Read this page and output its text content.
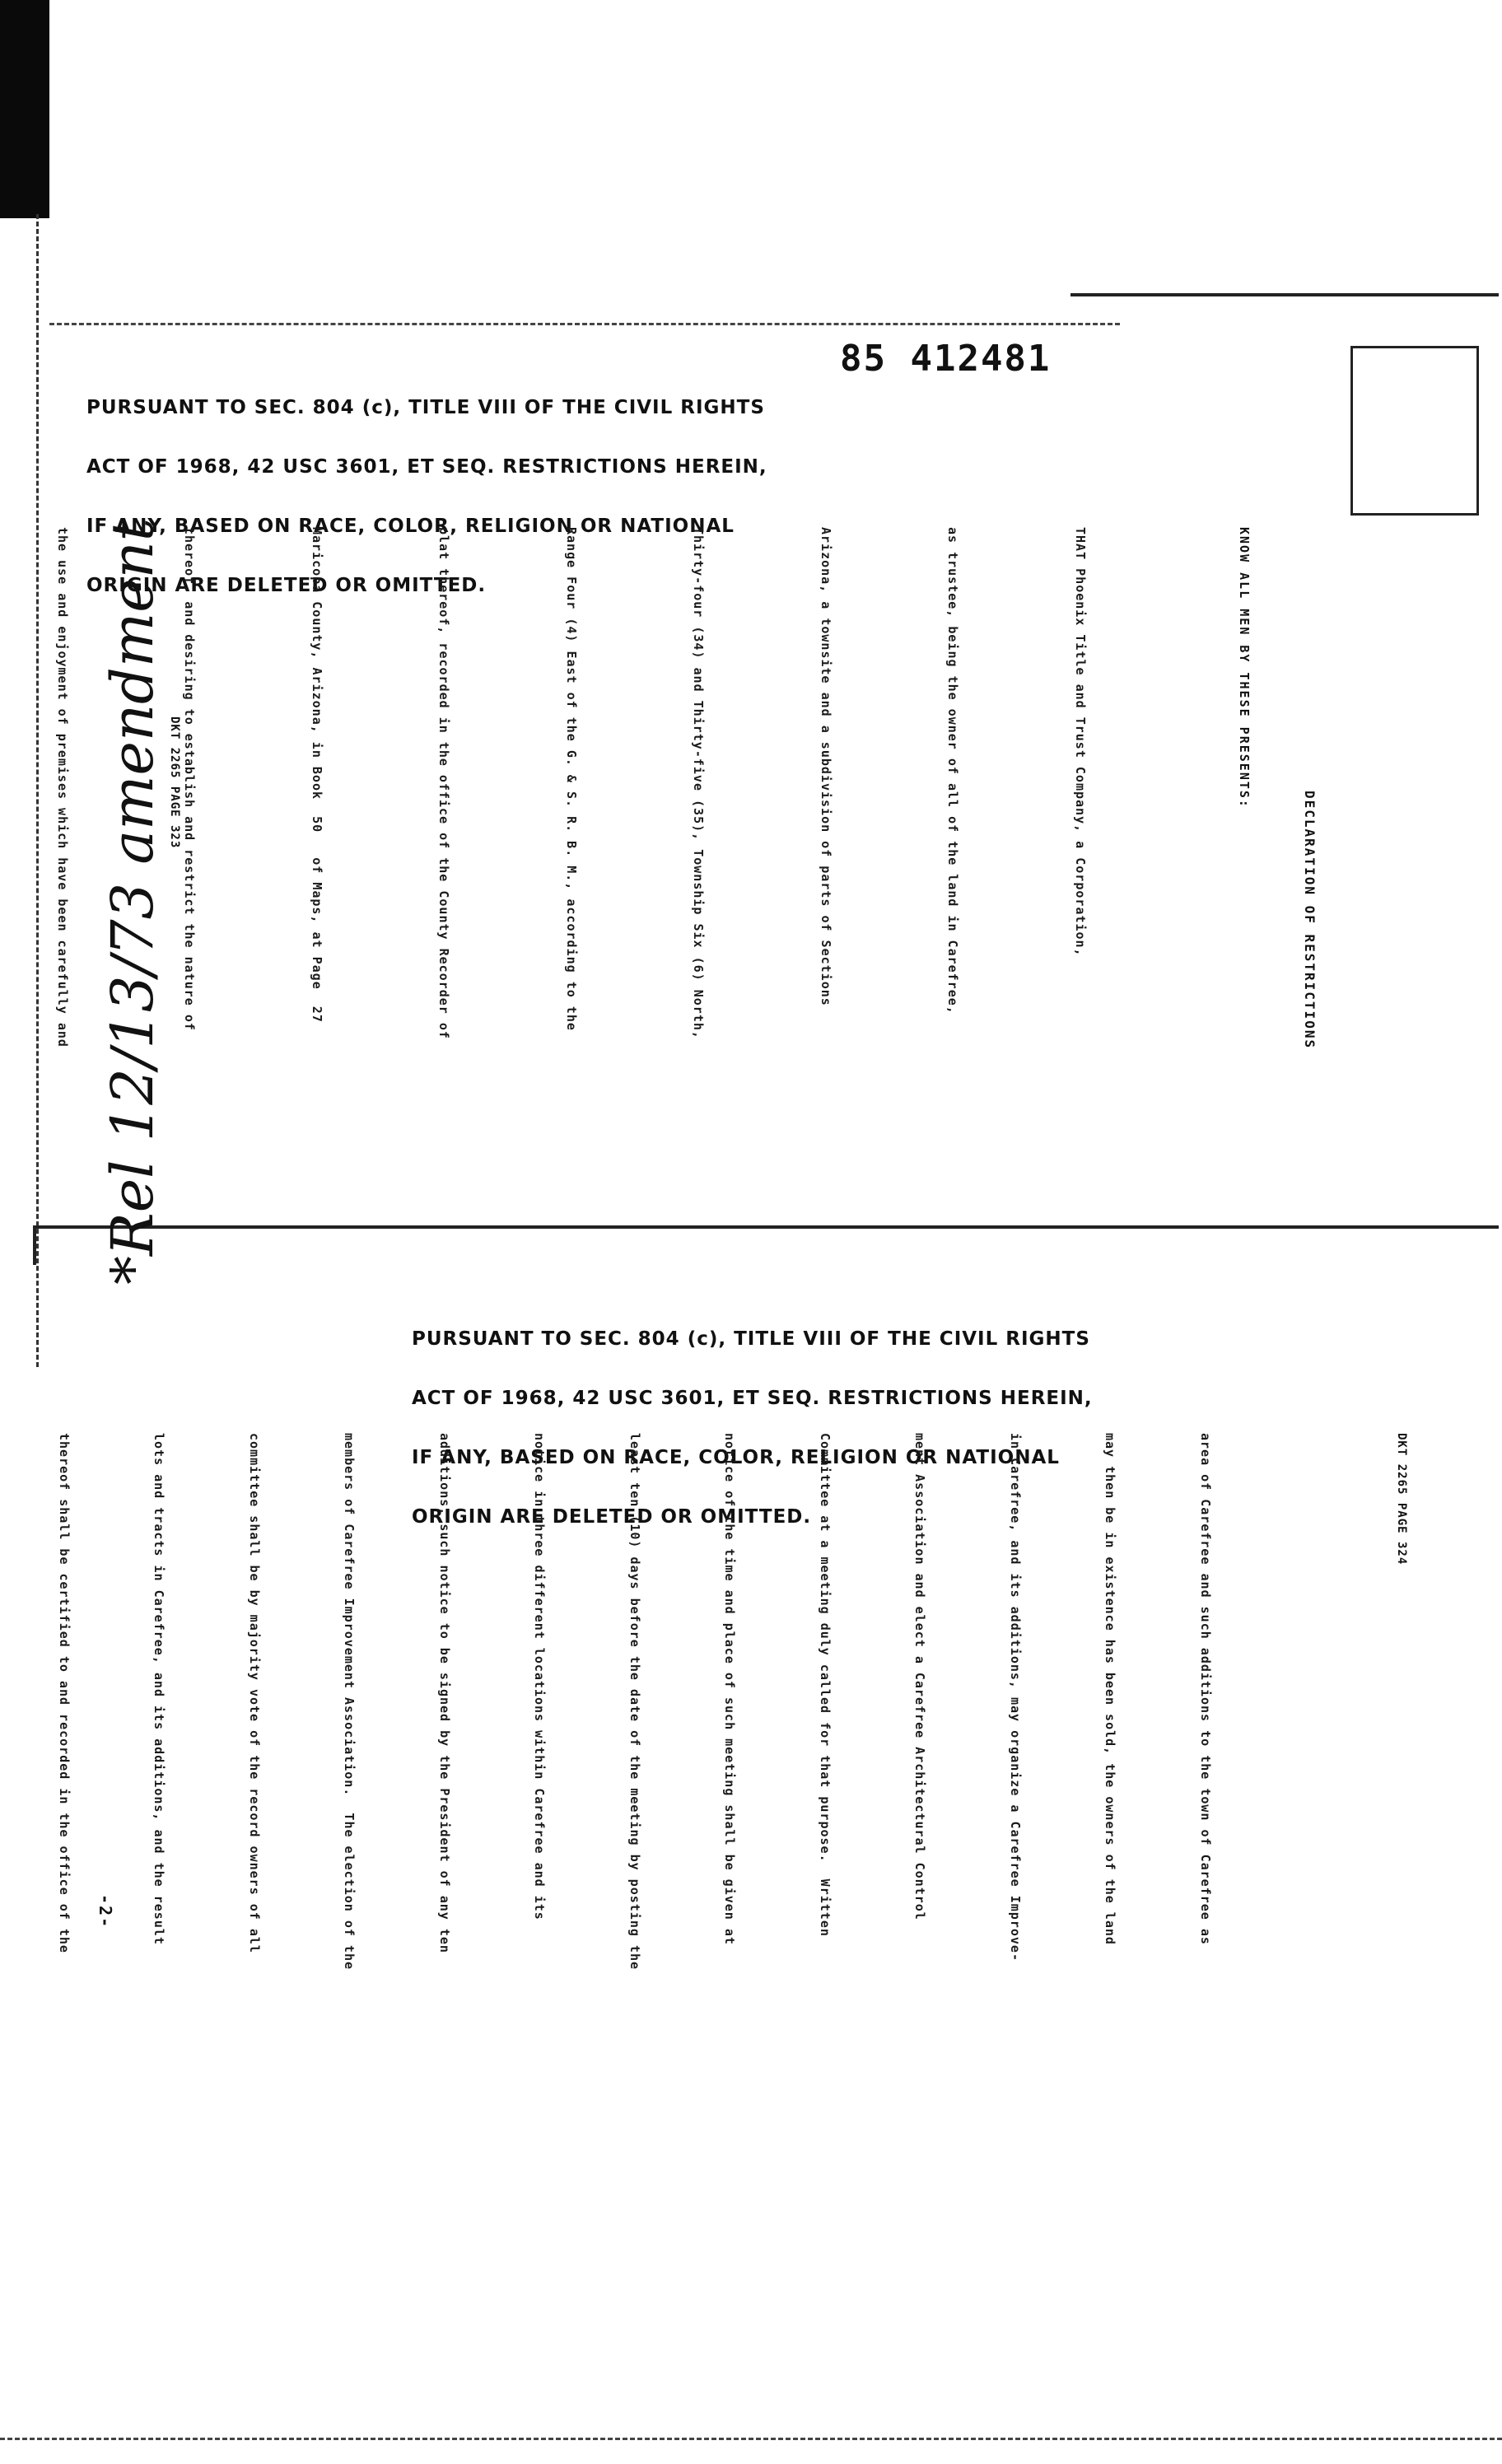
PURSUANT TO SEC. 804 (c), TITLE VIII OF THE CIVIL RIGHTS

ACT OF 1968, 42 USC 3601, ET SEQ. RESTRICTIONS HEREIN,

IF ANY, BASED ON RACE, COLOR, RELIGION OR NATIONAL

ORIGIN ARE DELETED OR OMITTED.

85 412481
*Rel 12/13/73 amendment	DECLARATION OF RESTRICTIONS
KNOW ALL MEN BY THESE PRESENTS:

THAT Phoenix Title and Trust Company, a Corporation,

as trustee, being the owner of all of the land in Carefree,

Arizona, a townsite and a subdivision of parts of Sections

Thirty-four (34) and Thirty-five (35), Township Six (6) North,

Range Four (4) East of the G. & S. R. B. M., according to the

plat thereof, recorded in the office of the County Recorder of

Maricopa County, Arizona, in Book  50   of Maps, at Page  27

thereof, and desiring to establish and restrict the nature of

the use and enjoyment of premises which have been carefully and

	DKT 2265 PAGE 323

PURSUANT TO SEC. 804 (c), TITLE VIII OF THE CIVIL RIGHTS

ACT OF 1968, 42 USC 3601, ET SEQ. RESTRICTIONS HEREIN,

IF ANY, BASED ON RACE, COLOR, RELIGION OR NATIONAL

ORIGIN ARE DELETED OR OMITTED.	DKT 2265 PAGE 324

area of Carefree and such additions to the town of Carefree as

may then be in existence has been sold, the owners of the land

in Carefree, and its additions, may organize a Carefree Improve-

ment Association and elect a Carefree Architectural Control

Committee at a meeting duly called for that purpose.  Written

notice of the time and place of such meeting shall be given at

least ten (10) days before the date of the meeting by posting the

notice in three different locations within Carefree and its

additions, such notice to be signed by the President of any ten

members of Carefree Improvement Association.  The election of the

committee shall be by majority vote of the record owners of all

lots and tracts in Carefree, and its additions, and the result

thereof shall be certified to and recorded in the office of the

	-2-
